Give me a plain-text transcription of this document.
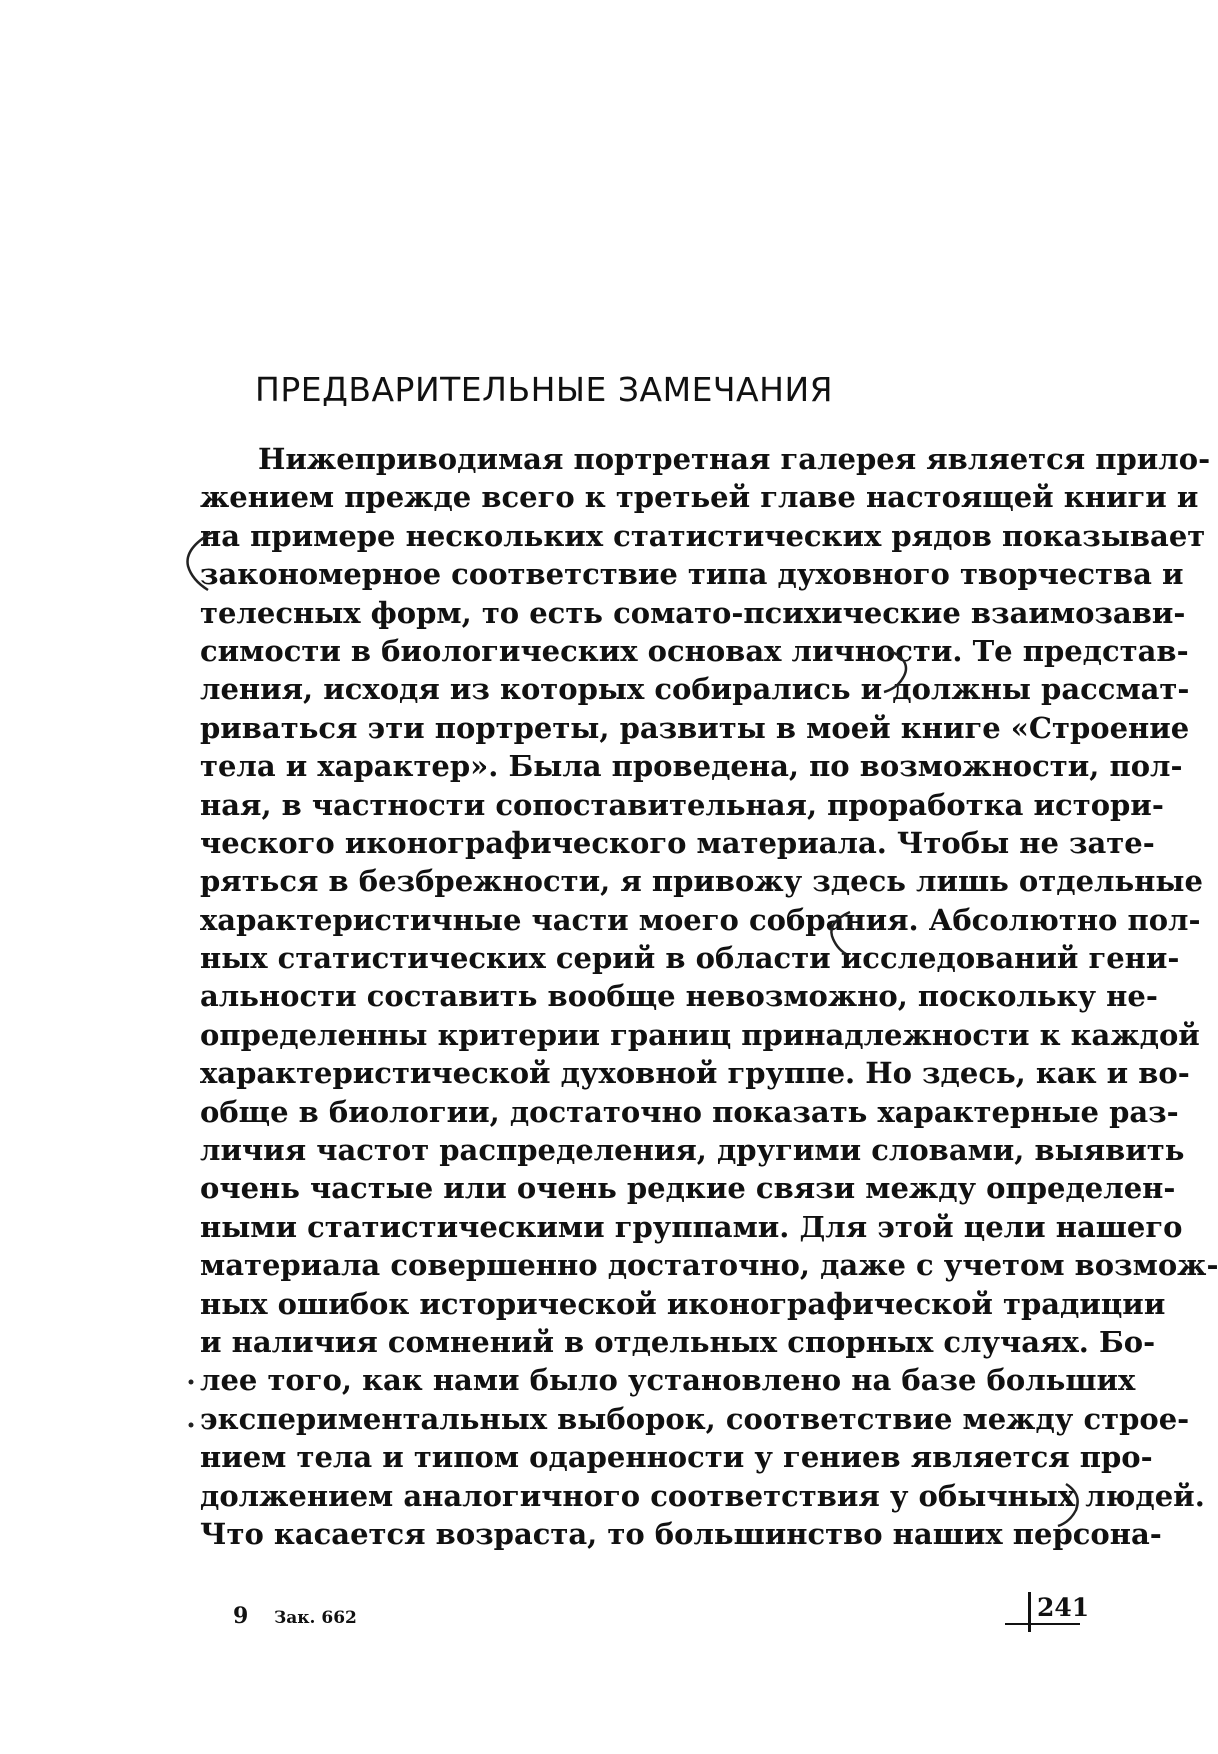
ПРЕДВАРИТЕЛЬНЫЕ ЗАМЕЧАНИЯ
Нижеприводимая портретная галерея является прило-
жением прежде всего к третьей главе настоящей книги и
на примере нескольких статистических рядов показывает
закономерное соответствие типа духовного творчества и
телесных форм, то есть сомато-психические взаимозави-
симости в биологических основах личности. Те представ-
ления, исходя из которых собирались и должны рассмат-
риваться эти портреты, развиты в моей книге «Строение
тела и характер». Была проведена, по возможности, пол-
ная, в частности сопоставительная, проработка истори-
ческого иконографического материала. Чтобы не зате-
ряться в безбрежности, я привожу здесь лишь отдельные
характеристичные части моего собрания. Абсолютно пол-
ных статистических серий в области исследований гени-
альности составить вообще невозможно, поскольку не-
определенны критерии границ принадлежности к каждой
характеристической духовной группе. Но здесь, как и во-
обще в биологии, достаточно показать характерные раз-
личия частот распределения, другими словами, выявить
очень частые или очень редкие связи между определен-
ными статистическими группами. Для этой цели нашего
материала совершенно достаточно, даже с учетом возмож-
ных ошибок исторической иконографической традиции
и наличия сомнений в отдельных спорных случаях. Бо-
лее того, как нами было установлено на базе больших
экспериментальных выборок, соответствие между строе-
нием тела и типом одаренности у гениев является про-
должением аналогичного соответствия у обычных людей.
Что касается возраста, то большинство наших персона-
9 Зак. 662	241
